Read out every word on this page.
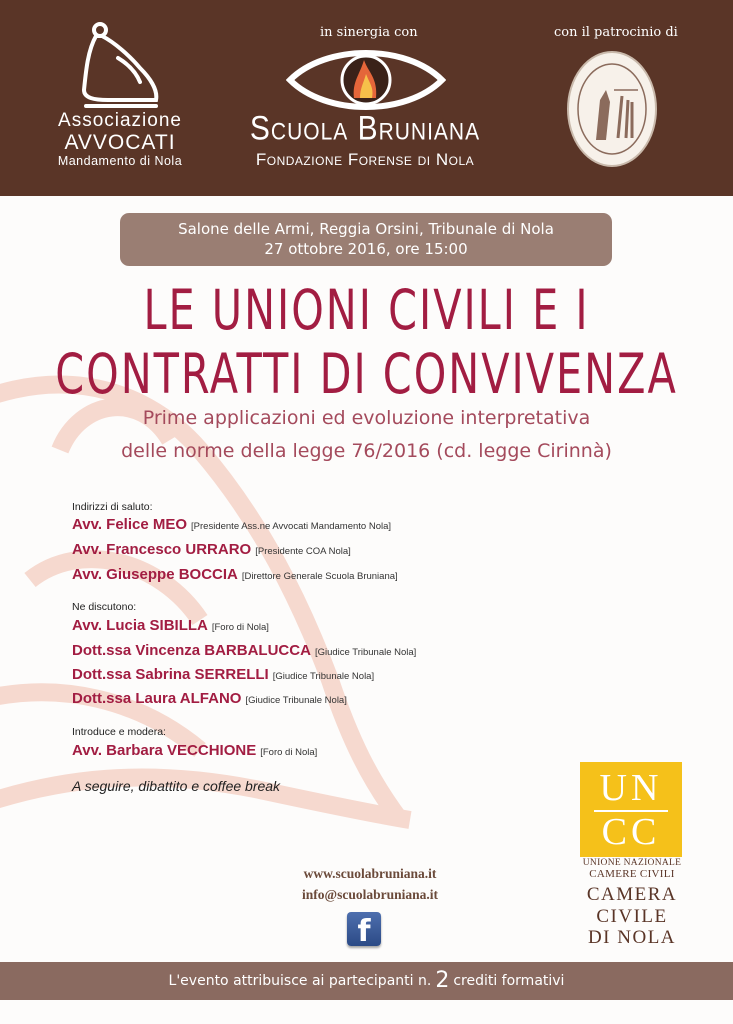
in sinergia con	con il patrocinio di
Associazione
AVVOCATI
Mandamento di Nola
Scuola Bruniana
Fondazione Forense di Nola
Salone delle Armi, Reggia Orsini, Tribunale di Nola
27 ottobre 2016, ore 15:00
LE UNIONI CIVILI E I
CONTRATTI DI CONVIVENZA
Prime applicazioni ed evoluzione interpretativa
delle norme della legge 76/2016 (cd. legge Cirinnà)
Indirizzi di saluto:
Avv. Felice MEO [Presidente Ass.ne Avvocati Mandamento Nola]
Avv. Francesco URRARO [Presidente COA Nola]
Avv. Giuseppe BOCCIA [Direttore Generale Scuola Bruniana]
Ne discutono:
Avv. Lucia SIBILLA [Foro di Nola]
Dott.ssa Vincenza BARBALUCCA [Giudice Tribunale Nola]
Dott.ssa Sabrina SERRELLI [Giudice Tribunale Nola]
Dott.ssa Laura ALFANO [Giudice Tribunale Nola]
Introduce e modera:
Avv. Barbara VECCHIONE [Foro di Nola]
A seguire, dibattito e coffee break
www.scuolabruniana.it
info@scuolabruniana.it
f
UN
CC
UNIONE NAZIONALE
CAMERE CIVILI
CAMERA
CIVILE
DI NOLA
L'evento attribuisce ai partecipanti n. 2 crediti formativi
